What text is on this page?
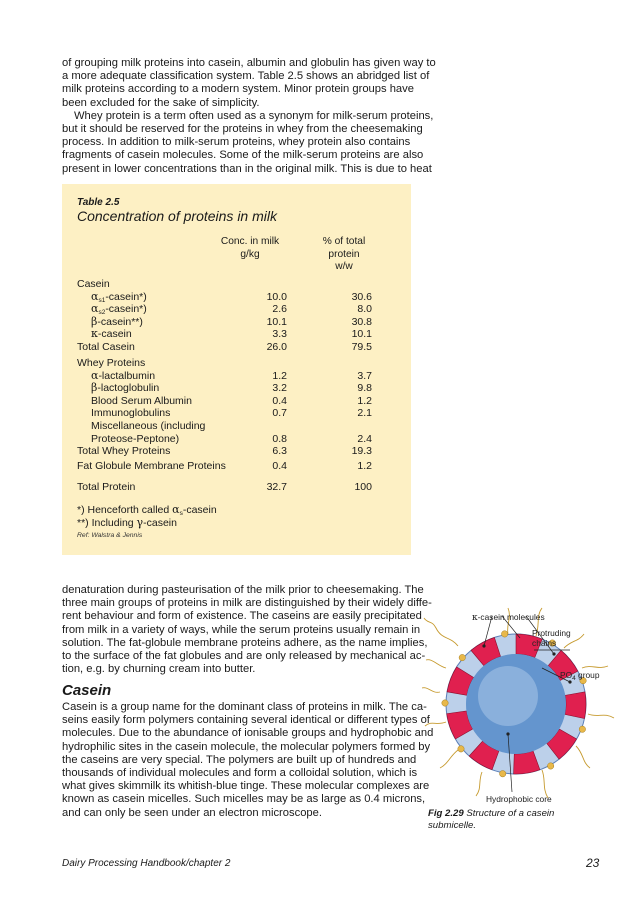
of grouping milk proteins into casein, albumin and globulin has given way to
a more adequate classification system. Table 2.5 shows an abridged list of
milk proteins according to a modern system. Minor protein groups have
been excluded for the sake of simplicity.
Whey protein is a term often used as a synonym for milk-serum proteins,
but it should be reserved for the proteins in whey from the cheesemaking
process. In addition to milk-serum proteins, whey protein also contains
fragments of casein molecules. Some of the milk-serum proteins are also
present in lower concentrations than in the original milk. This is due to heat
Table 2.5
Concentration of proteins in milk
Conc. in milk
g/kg
% of total
protein
w/w
Casein
$\alpha_{s1}-casein*$)	10.0	30.6
$\alpha_{s2}-casein*$)	2.6	8.0
β-casein**)	10.1	30.8
κ-casein	3.3	10.1
Total Casein	26.0	79.5
Whey Proteins
α-lactalbumin	1.2	3.7
β-lactoglobulin	3.2	9.8
Blood Serum Albumin	0.4	1.2
Immunoglobulins	0.7	2.1
Miscellaneous (including
Proteose-Peptone)	0.8	2.4
Total Whey Proteins	6.3	19.3
Fat Globule Membrane Proteins	0.4	1.2
Total Protein	32.7	100
*) Henceforth called $\alpha_s$-casein
**) Including γ-casein
Ref: Walstra & Jennis
denaturation during pasteurisation of the milk prior to cheesemaking. The
three main groups of proteins in milk are distinguished by their widely diffe-
rent behaviour and form of existence. The caseins are easily precipitated
from milk in a variety of ways, while the serum proteins usually remain in
solution. The fat-globule membrane proteins adhere, as the name implies,
to the surface of the fat globules and are only released by mechanical ac-
tion, e.g. by churning cream into butter.
Casein
Casein is a group name for the dominant class of proteins in milk. The ca-
seins easily form polymers containing several identical or different types of
molecules. Due to the abundance of ionisable groups and hydrophobic and
hydrophilic sites in the casein molecule, the molecular polymers formed by
the caseins are very special. The polymers are built up of hundreds and
thousands of individual molecules and form a colloidal solution, which is
what gives skimmilk its whitish-blue tinge. These molecular complexes are
known as casein micelles. Such micelles may be as large as 0.4 microns,
and can only be seen under an electron microscope.
κ-casein molecules
Protruding
chains
$PO_4$ group
Hydrophobic core
Fig 2.29 Structure of a casein submicelle.
Dairy Processing Handbook/chapter 2	23
